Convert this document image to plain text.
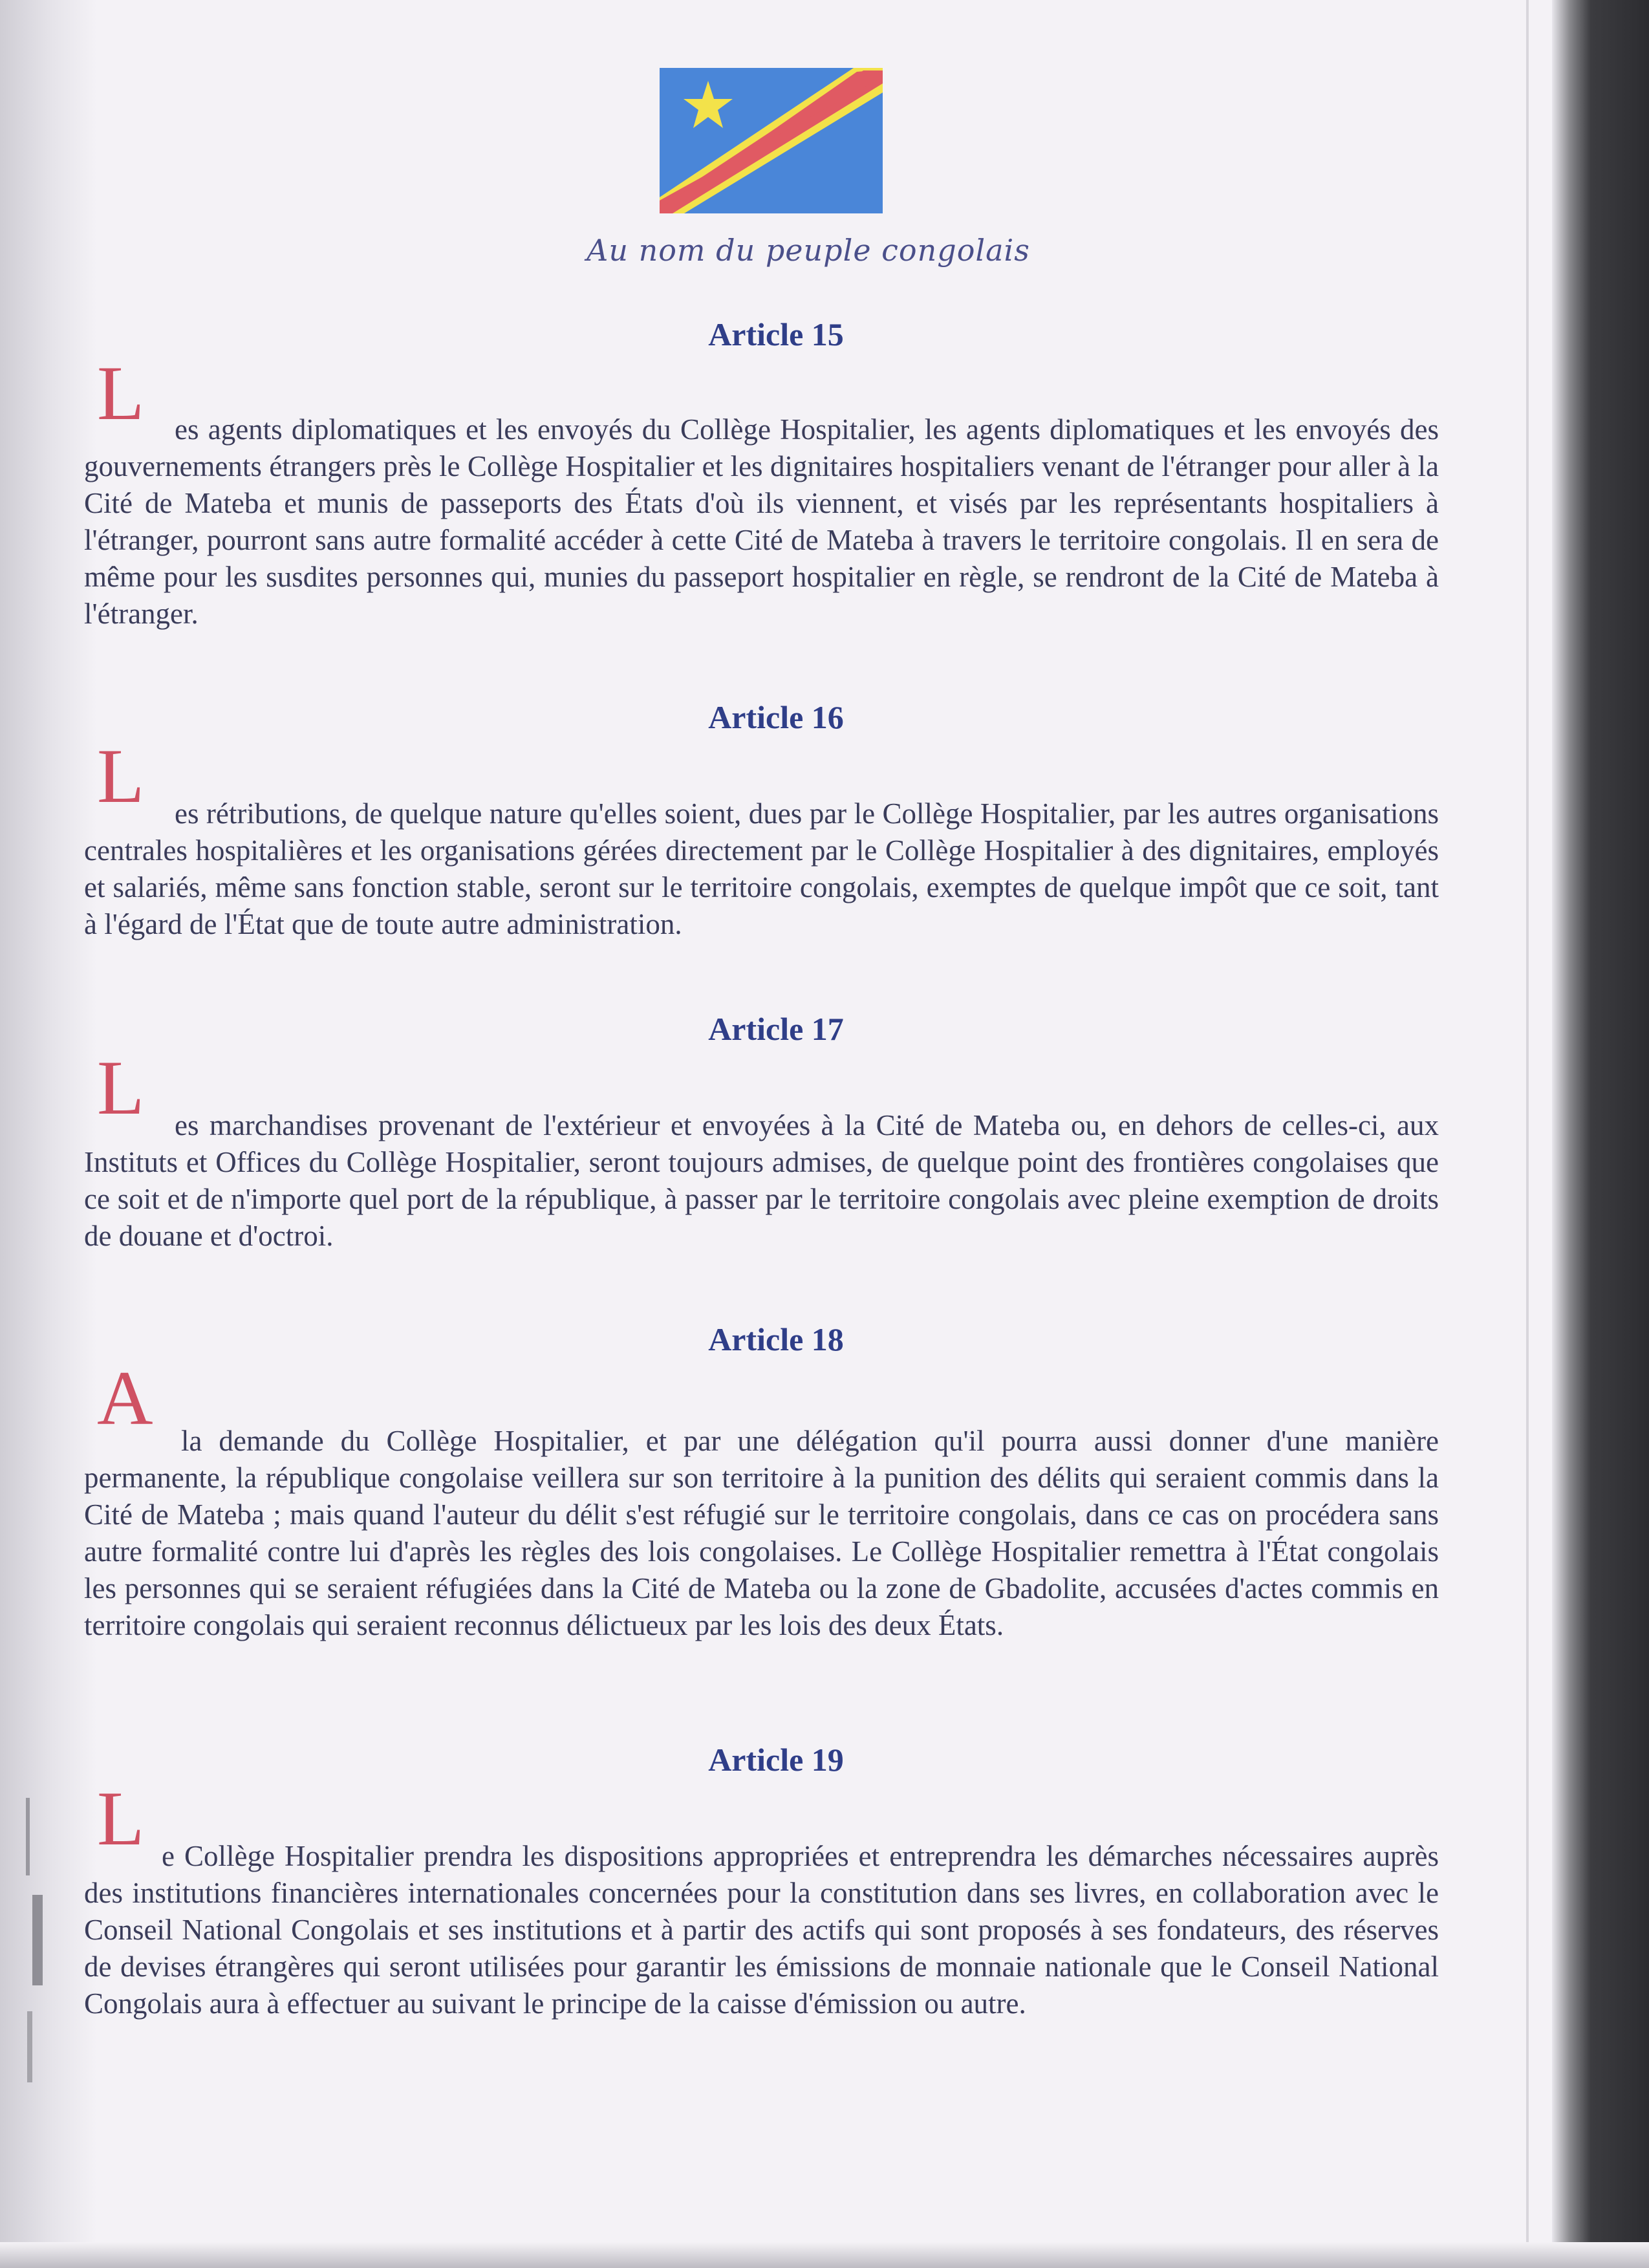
Au nom du peuple congolais
Article 15
L	es agents diplomatiques et les envoyés du Collège Hospitalier, les agents diplomatiques et les envoyés des gouvernements étrangers près le Collège Hospitalier et les dignitaires hospitaliers venant de l'étranger pour aller à la Cité de Mateba et munis de passeports des États d'où ils viennent, et visés par les représentants hospitaliers à l'étranger, pourront sans autre formalité accéder à cette Cité de Mateba à travers le territoire congolais. Il en sera de même pour les susdites personnes qui, munies du passeport hospitalier en règle, se rendront de la Cité de Mateba à l'étranger.
Article 16
L	es rétributions, de quelque nature qu'elles soient, dues par le Collège Hospitalier, par les autres organisations centrales hospitalières et les organisations gérées directement par le Collège Hospitalier à des dignitaires, employés et salariés, même sans fonction stable, seront sur le territoire congolais, exemptes de quelque impôt que ce soit, tant à l'égard de l'État que de toute autre administration.
Article 17
L	es marchandises provenant de l'extérieur et envoyées à la Cité de Mateba ou, en dehors de celles-ci, aux Instituts et Offices du Collège Hospitalier, seront toujours admises, de quelque point des frontières congolaises que ce soit et de n'importe quel port de la république, à passer par le territoire congolais avec pleine exemption de droits de douane et d'octroi.
Article 18
A la demande du Collège Hospitalier, et par une délégation qu'il pourra aussi donner d'une manière permanente, la république congolaise veillera sur son territoire à la punition des délits qui seraient commis dans la Cité de Mateba ; mais quand l'auteur du délit s'est réfugié sur le territoire congolais, dans ce cas on procédera sans autre formalité contre lui d'après les règles des lois congolaises. Le Collège Hospitalier remettra à l'État congolais les personnes qui se seraient réfugiées dans la Cité de Mateba ou la zone de Gbadolite, accusées d'actes commis en territoire congolais qui seraient reconnus délictueux par les lois des deux États.
Article 19
L e Collège Hospitalier prendra les dispositions appropriées et entreprendra les démarches nécessaires auprès des institutions financières internationales concernées pour la constitution dans ses livres, en collaboration avec le Conseil National Congolais et ses institutions et à partir des actifs qui sont proposés à ses fondateurs, des réserves de devises étrangères qui seront utilisées pour garantir les émissions de monnaie nationale que le Conseil National Congolais aura à effectuer au suivant le principe de la caisse d'émission ou autre.
